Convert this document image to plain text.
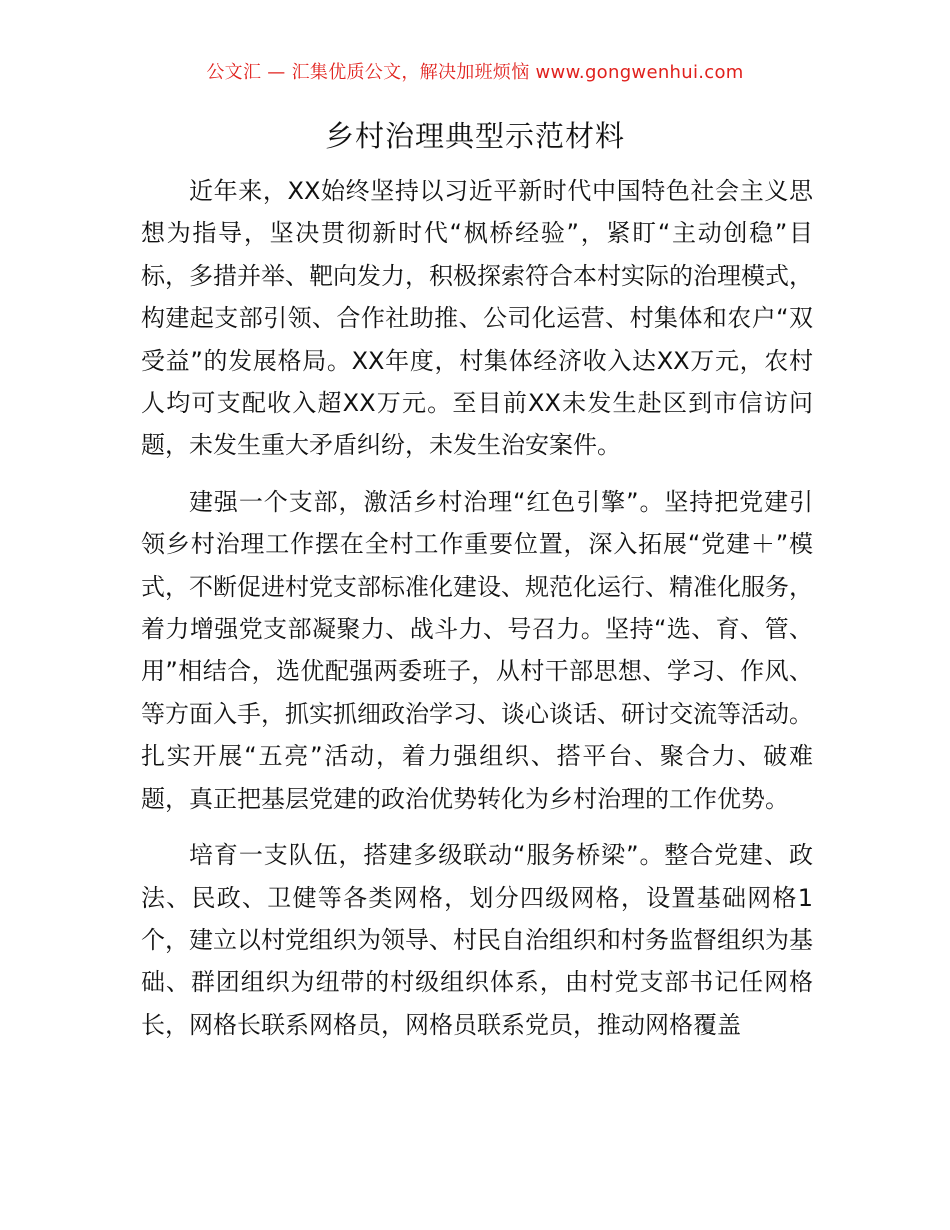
公文汇 — 汇集优质公文，解决加班烦恼 www.gongwenhui.com
乡村治理典型示范材料

近年来，XX始终坚持以习近平新时代中国特色社会主义思想为指导，坚决贯彻新时代“枫桥经验”，紧盯“主动创稳”目标，多措并举、靶向发力，积极探索符合本村实际的治理模式，构建起支部引领、合作社助推、公司化运营、村集体和农户“双受益”的发展格局。XX年度，村集体经济收入达XX万元，农村人均可支配收入超XX万元。至目前XX未发生赴区到市信访问题，未发生重大矛盾纠纷，未发生治安案件。

建强一个支部，激活乡村治理“红色引擎”。坚持把党建引领乡村治理工作摆在全村工作重要位置，深入拓展“党建＋”模式，不断促进村党支部标准化建设、规范化运行、精准化服务，着力增强党支部凝聚力、战斗力、号召力。坚持“选、育、管、用”相结合，选优配强两委班子，从村干部思想、学习、作风、等方面入手，抓实抓细政治学习、谈心谈话、研讨交流等活动。扎实开展“五亮”活动，着力强组织、搭平台、聚合力、破难题，真正把基层党建的政治优势转化为乡村治理的工作优势。

培育一支队伍，搭建多级联动“服务桥梁”。整合党建、政法、民政、卫健等各类网格，划分四级网格，设置基础网格1个，建立以村党组织为领导、村民自治组织和村务监督组织为基础、群团组织为纽带的村级组织体系，由村党支部书记任网格长，网格长联系网格员，网格员联系党员，推动网格覆盖
